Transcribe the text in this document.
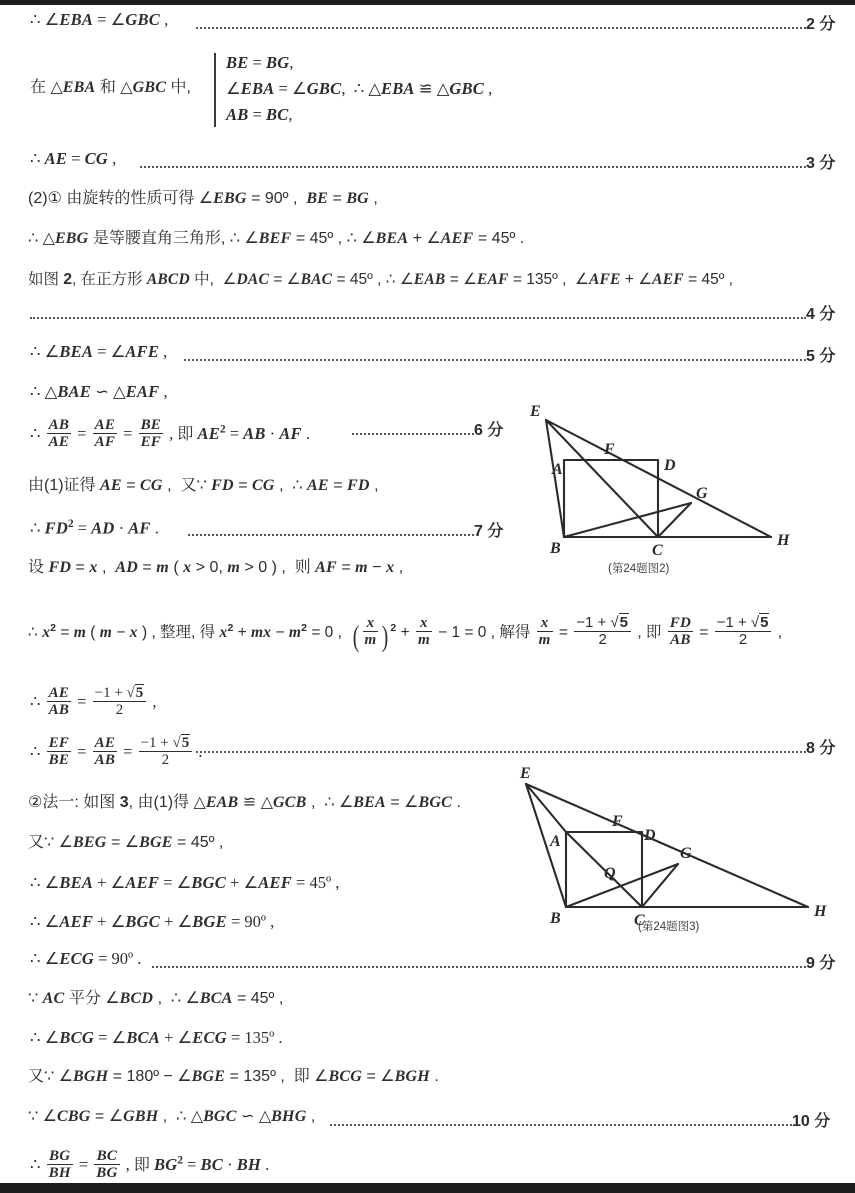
∴ ∠EBA = ∠GBC ,	2 分
在 △EBA 和 △GBC 中,
BE = BG,
∠EBA = ∠GBC, ∴ △EBA ≌ △GBC ,
AB = BC,
∴ AE = CG ,	3 分
(2)① 由旋转的性质可得 ∠EBG = 90º ,  BE = BG ,
∴ △EBG 是等腰直角三角形, ∴ ∠BEF = 45º , ∴ ∠BEA + ∠AEF = 45º .
如图 2, 在正方形 ABCD 中,  ∠DAC = ∠BAC = 45º , ∴ ∠EAB = ∠EAF = 135º ,  ∠AFE + ∠AEF = 45º ,
4 分
∴ ∠BEA = ∠AFE ,	5 分
∴ △BAE ∽ △EAF ,
∴ $\frac{AB}{AE} = \frac{AE}{AF} = \frac{BE}{EF}$ , 即 $AE^2$ = AB · AF .	6 分
由(1)证得 AE = CG ,  又∵ FD = CG ,  ∴ AE = FD ,
∴ $FD^2$ = AD · AF .	7 分
设 FD = x ,  AD = m ( x > 0, m > 0 ) ,  则 AF = m − x ,
∴ $x^2 = m$ ( m − x ) , 整理, 得 $x^2$ + mx − $m^2 = 0$ ,  ( $\frac{x}{m}$ ) $^2 + \frac{x}{m} - 1 = 0$ , 解得 $\frac{x}{m} = \frac{-1 + √5}{2}$ , 即 $\frac{FD}{AB} = \frac{-1 + √5}{2}$ ,
∴ $\frac{AE}{AB} = \frac{-1 + √5}{2}$ ,
∴ $\frac{EF}{BE} = \frac{AE}{AB} = \frac{-1 + √5}{2}$ .	8 分
②法一: 如图 3, 由(1)得 △EAB ≌ △GCB ,  ∴ ∠BEA = ∠BGC .
又∵ ∠BEG = ∠BGE = 45º ,
∴ ∠BEA + ∠AEF = ∠BGC + ∠AEF = 45º ,
∴ ∠AEF + ∠BGC + ∠BGE = 90º ,
∴ ∠ECG = 90º .	9 分
∵ AC 平分 ∠BCD ,  ∴ ∠BCA = 45º ,
∴ ∠BCG = ∠BCA + ∠ECG = 135º .
又∵ ∠BGH = 180º − ∠BGE = 135º ,  即 ∠BCG = ∠BGH .
∵ ∠CBG = ∠GBH ,  ∴ △BGC ∽ △BHG ,	10 分
∴ $\frac{BG}{BH} = \frac{BC}{BG}$ , 即 $BG^2$ = BC · BH .
E
A
F
D
G
B	C
H
(第24题图2)
E
A
F
D
G
Q
B	C
H
(第24题图3)
